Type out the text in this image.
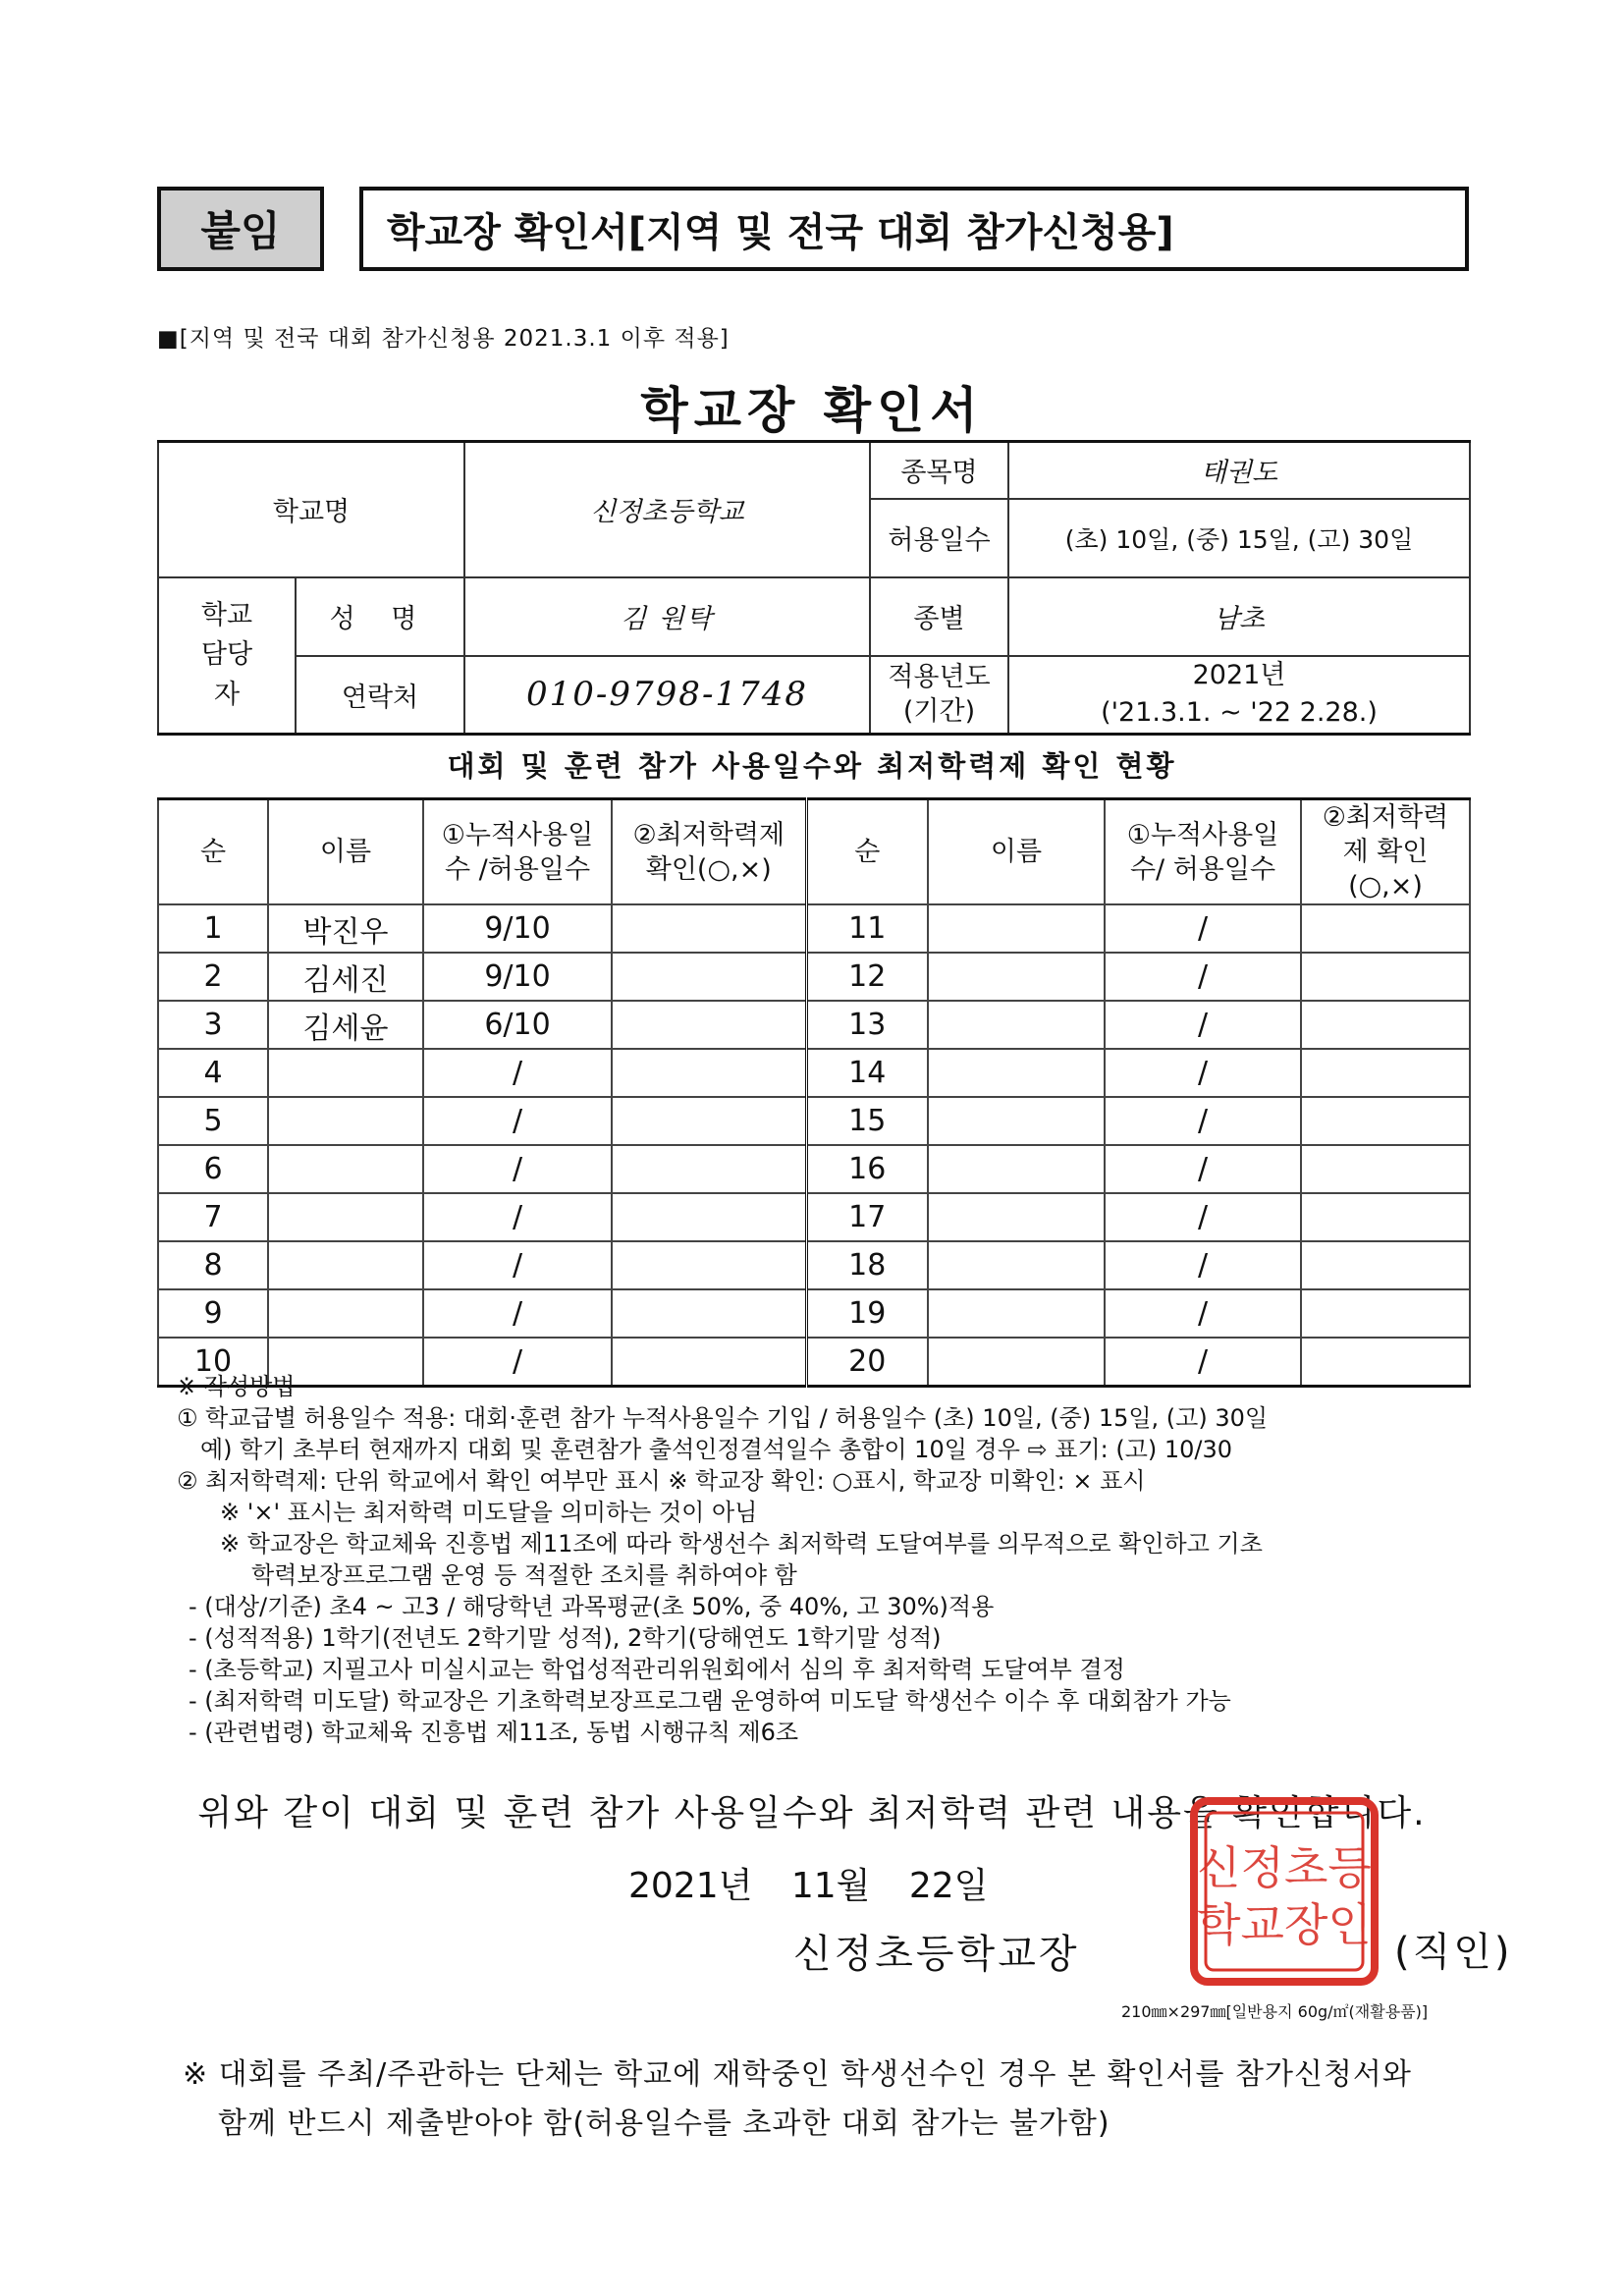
붙임	학교장 확인서[지역 및 전국 대회 참가신청용]
■[지역 및 전국 대회 참가신청용 2021.3.1 이후 적용]
학교장 확인서
학교명		신정초등학교	종목명	태권도
			허용일수	(초) 10일, (중) 15일, (고) 30일
학교 담당자	성 명	김 원탁	종별	남초
	연락처	010-9798-1748	적용년도 (기간)	2021년
('21.3.1. ~ '22 2.28.)
대회 및 훈련 참가 사용일수와 최저학력제 확인 현황
순	이름	①누적사용일수 /허용일수	②최저학력제 확인(○,×)	순	이름	①누적사용일수/ 허용일수	②최저학력제 확인(○,×)
1	박진우	9/10		11		/	
2	김세진	9/10		12		/	
3	김세윤	6/10		13		/	
4		/		14		/	
5		/		15		/	
6		/		16		/	
7		/		17		/	
8		/		18		/	
9		/		19		/	
10		/		20		/	
※ 작성방법
① 학교급별 허용일수 적용: 대회·훈련 참가 누적사용일수 기입 / 허용일수 (초) 10일, (중) 15일, (고) 30일
예) 학기 초부터 현재까지 대회 및 훈련참가 출석인정결석일수 총합이 10일 경우 ⇨ 표기: (고) 10/30
② 최저학력제: 단위 학교에서 확인 여부만 표시 ※ 학교장 확인: ○표시, 학교장 미확인: × 표시
※ '×' 표시는 최저학력 미도달을 의미하는 것이 아님
※ 학교장은 학교체육 진흥법 제11조에 따라 학생선수 최저학력 도달여부를 의무적으로 확인하고 기초
학력보장프로그램 운영 등 적절한 조치를 취하여야 함
- (대상/기준) 초4 ~ 고3 / 해당학년 과목평균(초 50%, 중 40%, 고 30%)적용
- (성적적용) 1학기(전년도 2학기말 성적), 2학기(당해연도 1학기말 성적)
- (초등학교) 지필고사 미실시교는 학업성적관리위원회에서 심의 후 최저학력 도달여부 결정
- (최저학력 미도달) 학교장은 기초학력보장프로그램 운영하여 미도달 학생선수 이수 후 대회참가 가능
- (관련법령) 학교체육 진흥법 제11조, 동법 시행규칙 제6조
위와 같이 대회 및 훈련 참가 사용일수와 최저학력 관련 내용을 확인합니다.
2021년 11월 22일
신정초등학교장
신정초등
학교장인
(직인)
210㎜×297㎜[일반용지 60g/㎡(재활용품)]
※ 대회를 주최/주관하는 단체는 학교에 재학중인 학생선수인 경우 본 확인서를 참가신청서와
함께 반드시 제출받아야 함(허용일수를 초과한 대회 참가는 불가함)
